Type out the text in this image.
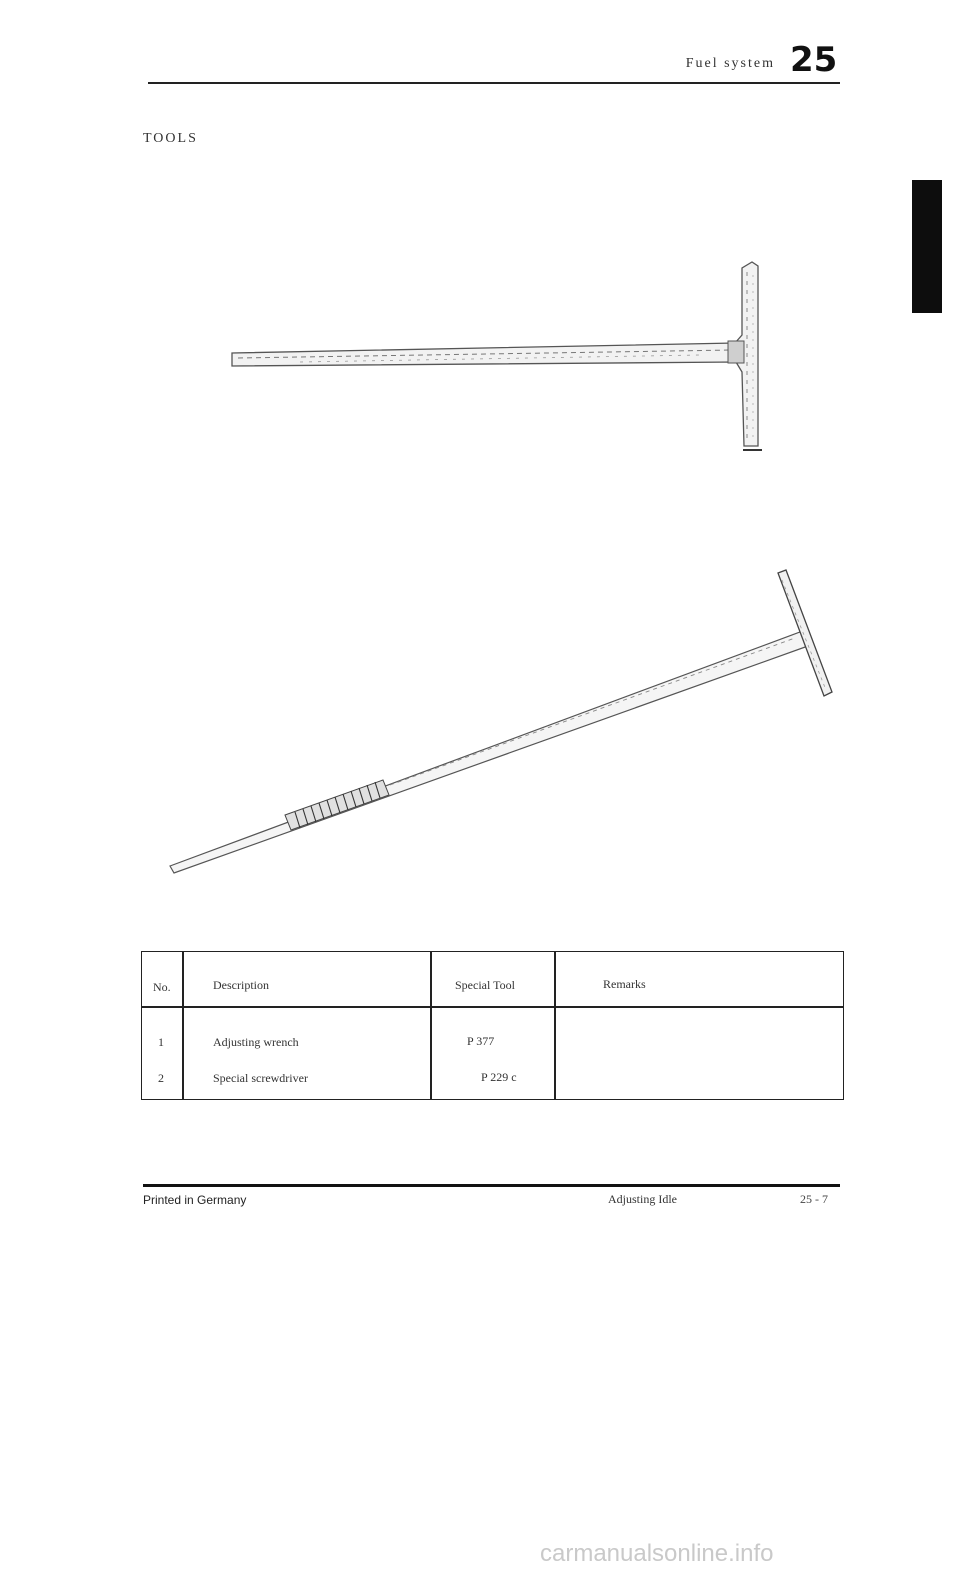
Fuel system 25
TOOLS
No.	Description	Special Tool	Remarks
1	Adjusting wrench	P 377
2	Special screwdriver	P 229 c
Printed in Germany	Adjusting Idle	25 - 7
carmanualsonline.info
